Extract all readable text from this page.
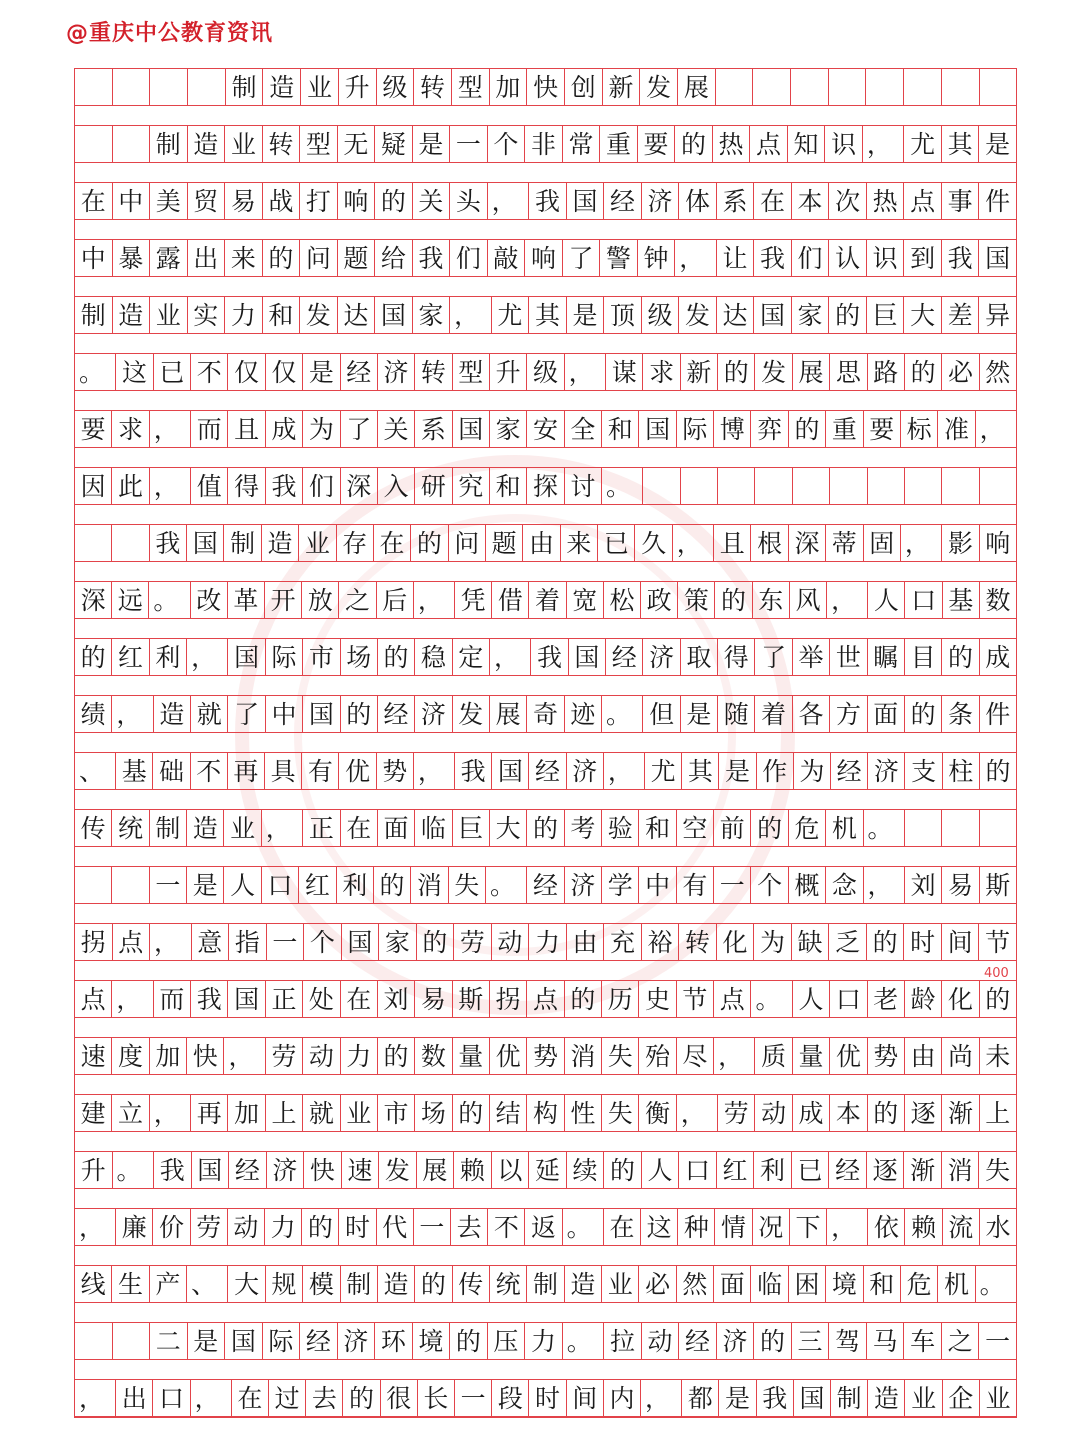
@重庆中公教育资讯
制 造 业 升 级 转 型 加 快 创 新 发 展
制 造 业 转 型 无 疑 是 一 个 非 常 重 要 的 热 点 知 识 ， 尤 其 是
在 中 美 贸 易 战 打 响 的 关 头 ， 我 国 经 济 体 系 在 本 次 热 点 事 件
中 暴 露 出 来 的 问 题 给 我 们 敲 响 了 警 钟 ， 让 我 们 认 识 到 我 国
制 造 业 实 力 和 发 达 国 家 ， 尤 其 是 顶 级 发 达 国 家 的 巨 大 差 异
。 这 已 不 仅 仅 是 经 济 转 型 升 级 ， 谋 求 新 的 发 展 思 路 的 必 然
要 求 ， 而 且 成 为 了 关 系 国 家 安 全 和 国 际 博 弈 的 重 要 标 准 ，
因 此 ， 值 得 我 们 深 入 研 究 和 探 讨 。
我 国 制 造 业 存 在 的 问 题 由 来 已 久 ， 且 根 深 蒂 固 ， 影 响
深 远 。 改 革 开 放 之 后 ， 凭 借 着 宽 松 政 策 的 东 风 ， 人 口 基 数
的 红 利 ， 国 际 市 场 的 稳 定 ， 我 国 经 济 取 得 了 举 世 瞩 目 的 成
绩 ， 造 就 了 中 国 的 经 济 发 展 奇 迹 。 但 是 随 着 各 方 面 的 条 件
、 基 础 不 再 具 有 优 势 ， 我 国 经 济 ， 尤 其 是 作 为 经 济 支 柱 的
传 统 制 造 业 ， 正 在 面 临 巨 大 的 考 验 和 空 前 的 危 机 。
一 是 人 口 红 利 的 消 失 。 经 济 学 中 有 一 个 概 念 ， 刘 易 斯
拐 点 ， 意 指 一 个 国 家 的 劳 动 力 由 充 裕 转 化 为 缺 乏 的 时 间 节
点 ， 而 我 国 正 处 在 刘 易 斯 拐 点 的 历 史 节 点 。 人 口 老 龄 化 的
速 度 加 快 ， 劳 动 力 的 数 量 优 势 消 失 殆 尽 ， 质 量 优 势 由 尚 未
建 立 ， 再 加 上 就 业 市 场 的 结 构 性 失 衡 ， 劳 动 成 本 的 逐 渐 上
升 。 我 国 经 济 快 速 发 展 赖 以 延 续 的 人 口 红 利 已 经 逐 渐 消 失
， 廉 价 劳 动 力 的 时 代 一 去 不 返 。 在 这 种 情 况 下 ， 依 赖 流 水
线 生 产 、 大 规 模 制 造 的 传 统 制 造 业 必 然 面 临 困 境 和 危 机 。
二 是 国 际 经 济 环 境 的 压 力 。 拉 动 经 济 的 三 驾 马 车 之 一
， 出 口 ， 在 过 去 的 很 长 一 段 时 间 内 ， 都 是 我 国 制 造 业 企 业
400
